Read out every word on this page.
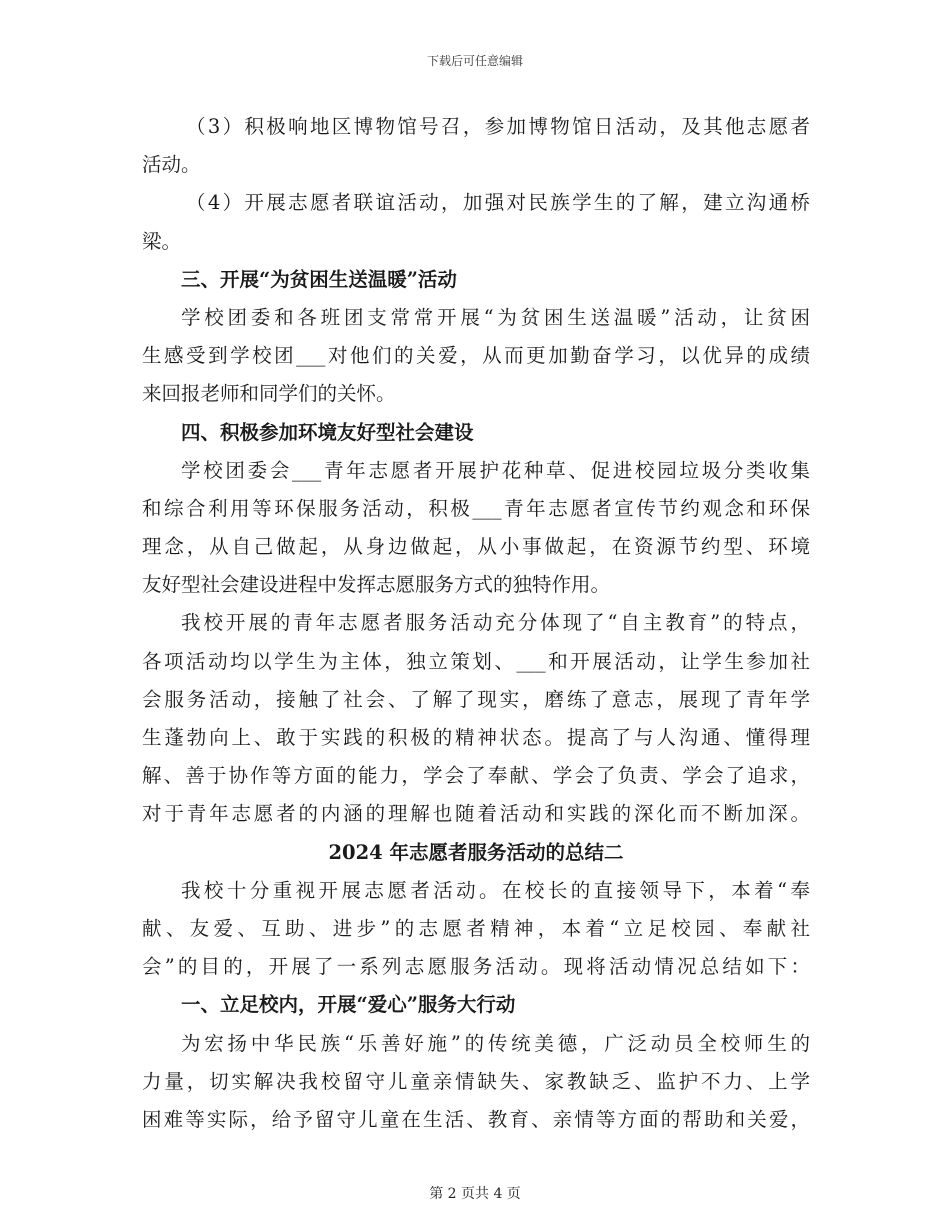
下载后可任意编辑
（3）积极响地区博物馆号召，参加博物馆日活动，及其他志愿者
活动。
（4）开展志愿者联谊活动，加强对民族学生的了解，建立沟通桥
梁。
三、开展“为贫困生送温暖”活动
学校团委和各班团支常常开展“为贫困生送温暖”活动，让贫困
生感受到学校团___对他们的关爱，从而更加勤奋学习，以优异的成绩
来回报老师和同学们的关怀。
四、积极参加环境友好型社会建设
学校团委会___青年志愿者开展护花种草、促进校园垃圾分类收集
和综合利用等环保服务活动，积极___青年志愿者宣传节约观念和环保
理念，从自己做起，从身边做起，从小事做起，在资源节约型、环境
友好型社会建设进程中发挥志愿服务方式的独特作用。
我校开展的青年志愿者服务活动充分体现了“自主教育”的特点，
各项活动均以学生为主体，独立策划、___和开展活动，让学生参加社
会服务活动，接触了社会、了解了现实，磨练了意志，展现了青年学
生蓬勃向上、敢于实践的积极的精神状态。提高了与人沟通、懂得理
解、善于协作等方面的能力，学会了奉献、学会了负责、学会了追求，
对于青年志愿者的内涵的理解也随着活动和实践的深化而不断加深。
2024 年志愿者服务活动的总结二
我校十分重视开展志愿者活动。在校长的直接领导下，本着“奉
献、友爱、互助、进步”的志愿者精神，本着“立足校园、奉献社
会”的目的，开展了一系列志愿服务活动。现将活动情况总结如下：
一、立足校内，开展“爱心”服务大行动
为宏扬中华民族“乐善好施”的传统美德，广泛动员全校师生的
力量，切实解决我校留守儿童亲情缺失、家教缺乏、监护不力、上学
困难等实际，给予留守儿童在生活、教育、亲情等方面的帮助和关爱，
第 2 页共 4 页
